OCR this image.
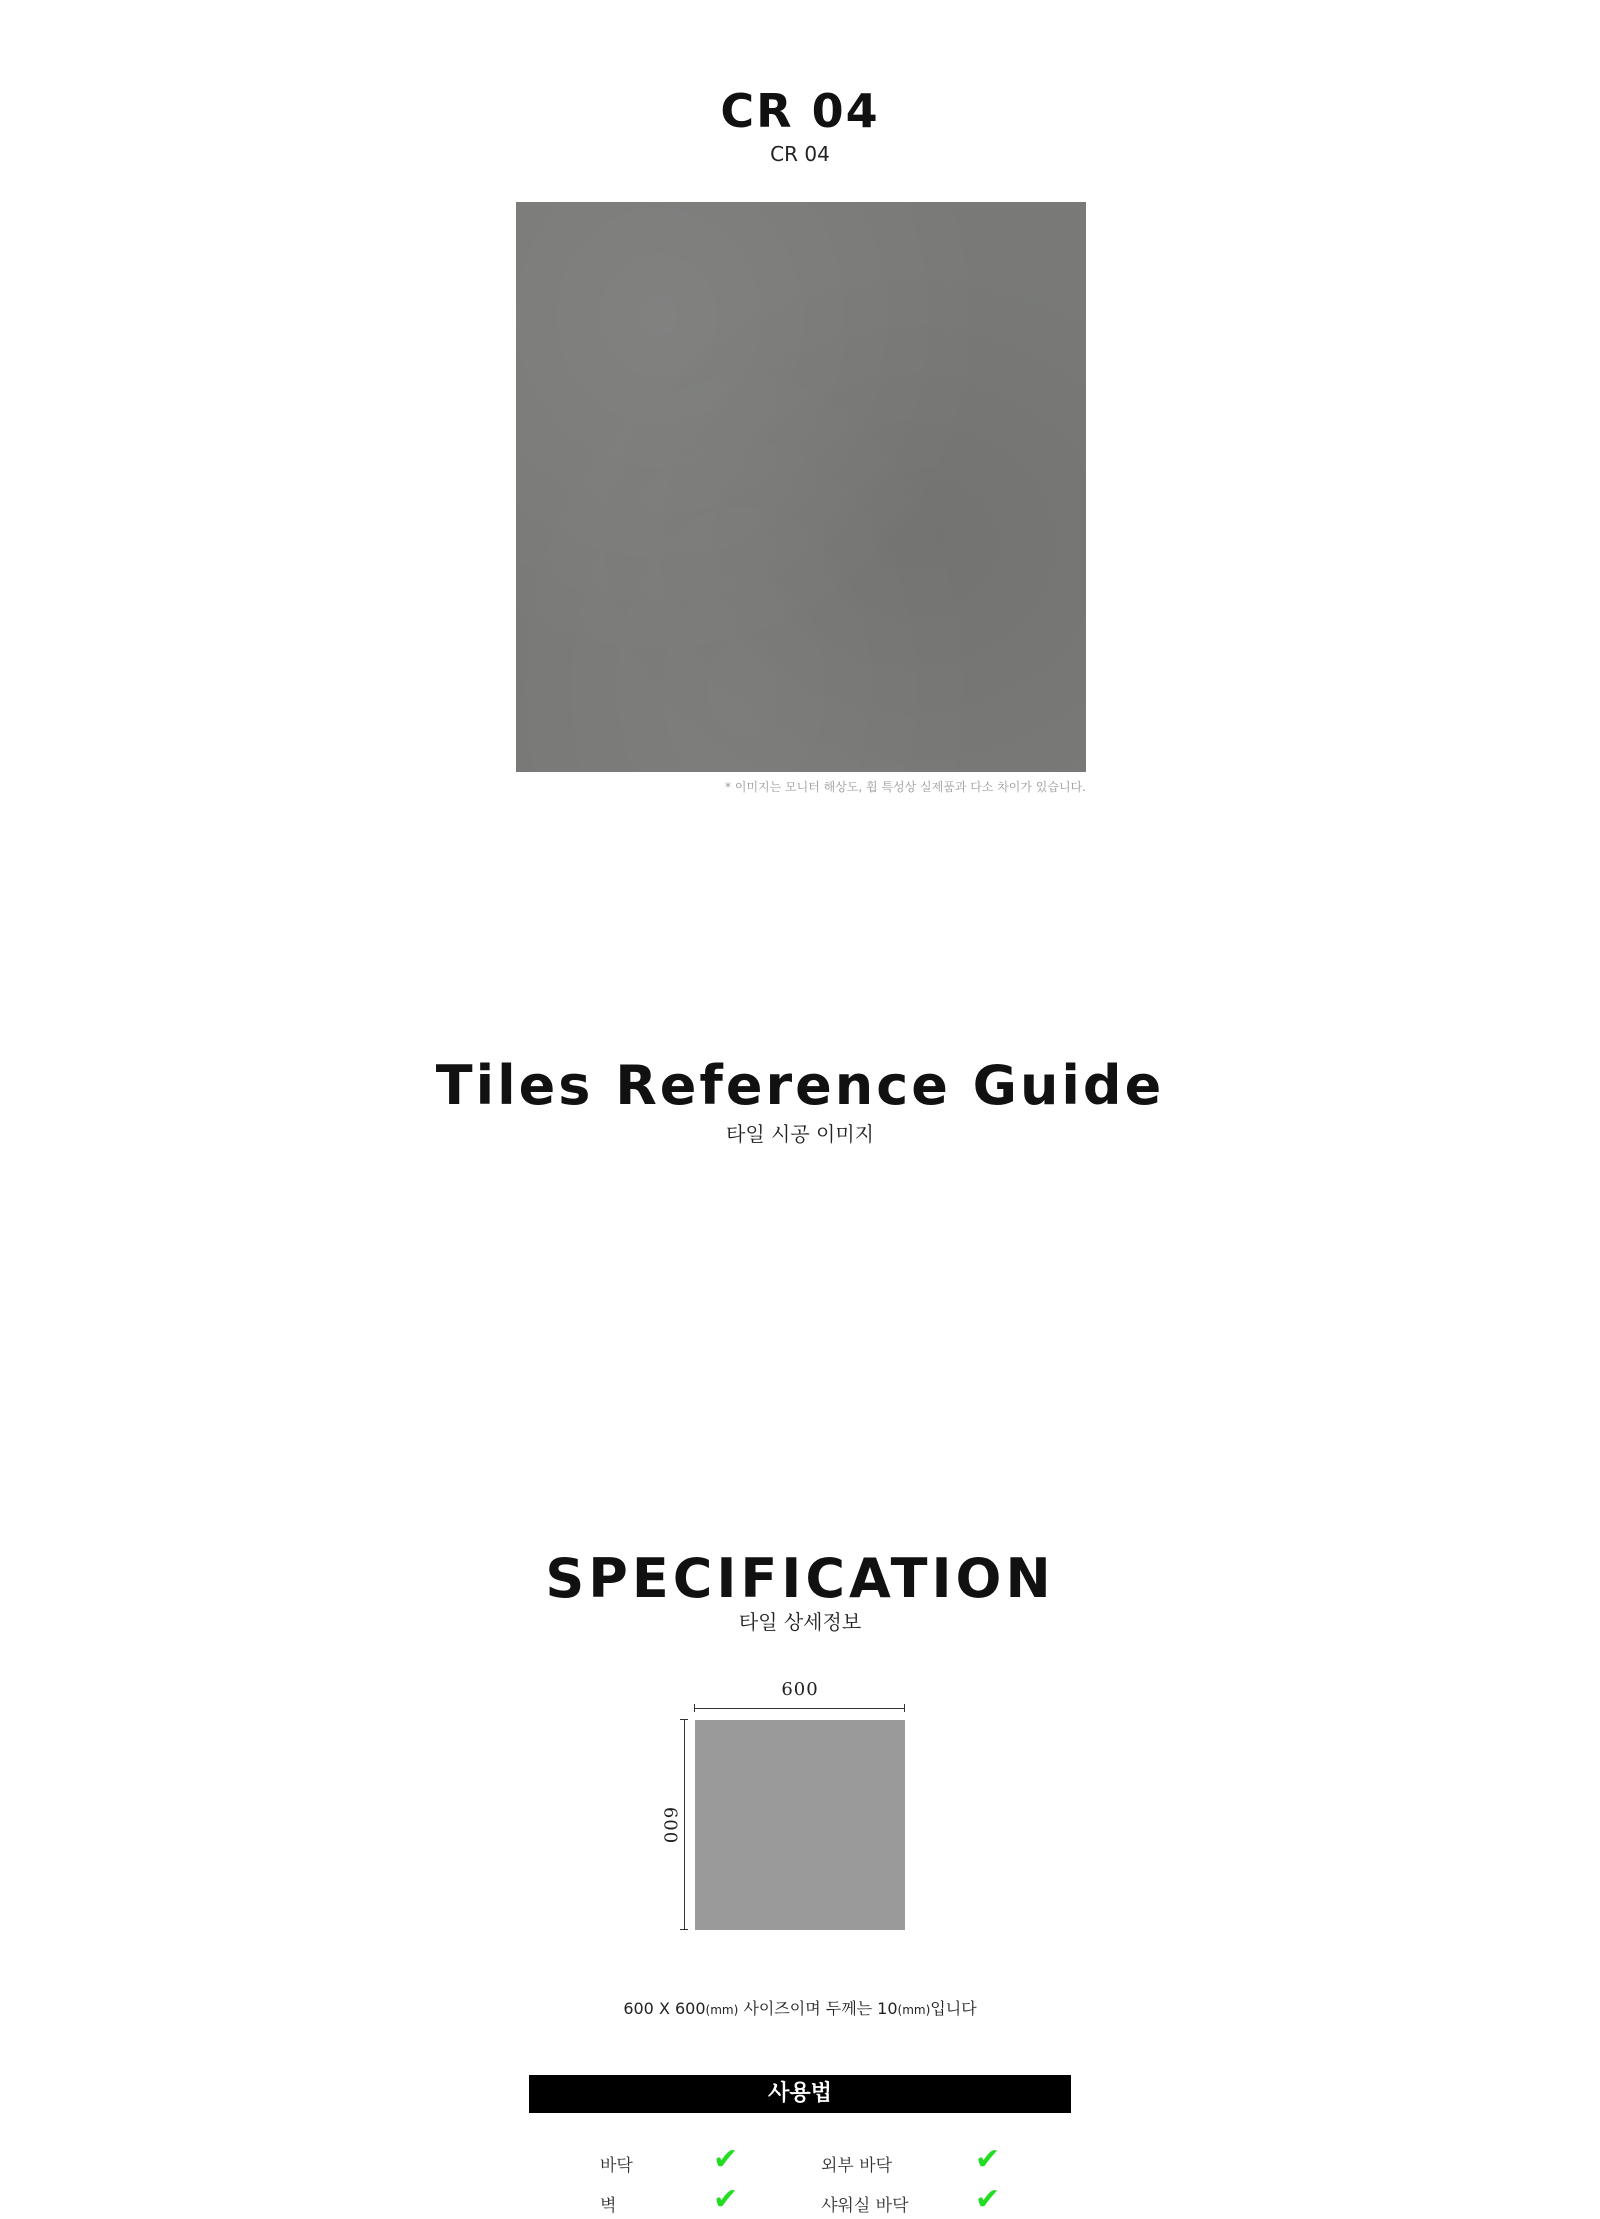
CR 04
CR 04
* 이미지는 모니터 해상도, 휩 특성상 실제품과 다소 차이가 있습니다.
Tiles Reference Guide
타일 시공 이미지
SPECIFICATION
타일 상세정보
600
600
600 X 600(mm) 사이즈이며 두께는 10(mm)입니다
사용법
바닥	✔	외부 바닥	✔
벽	✔	샤워실 바닥 ✔
